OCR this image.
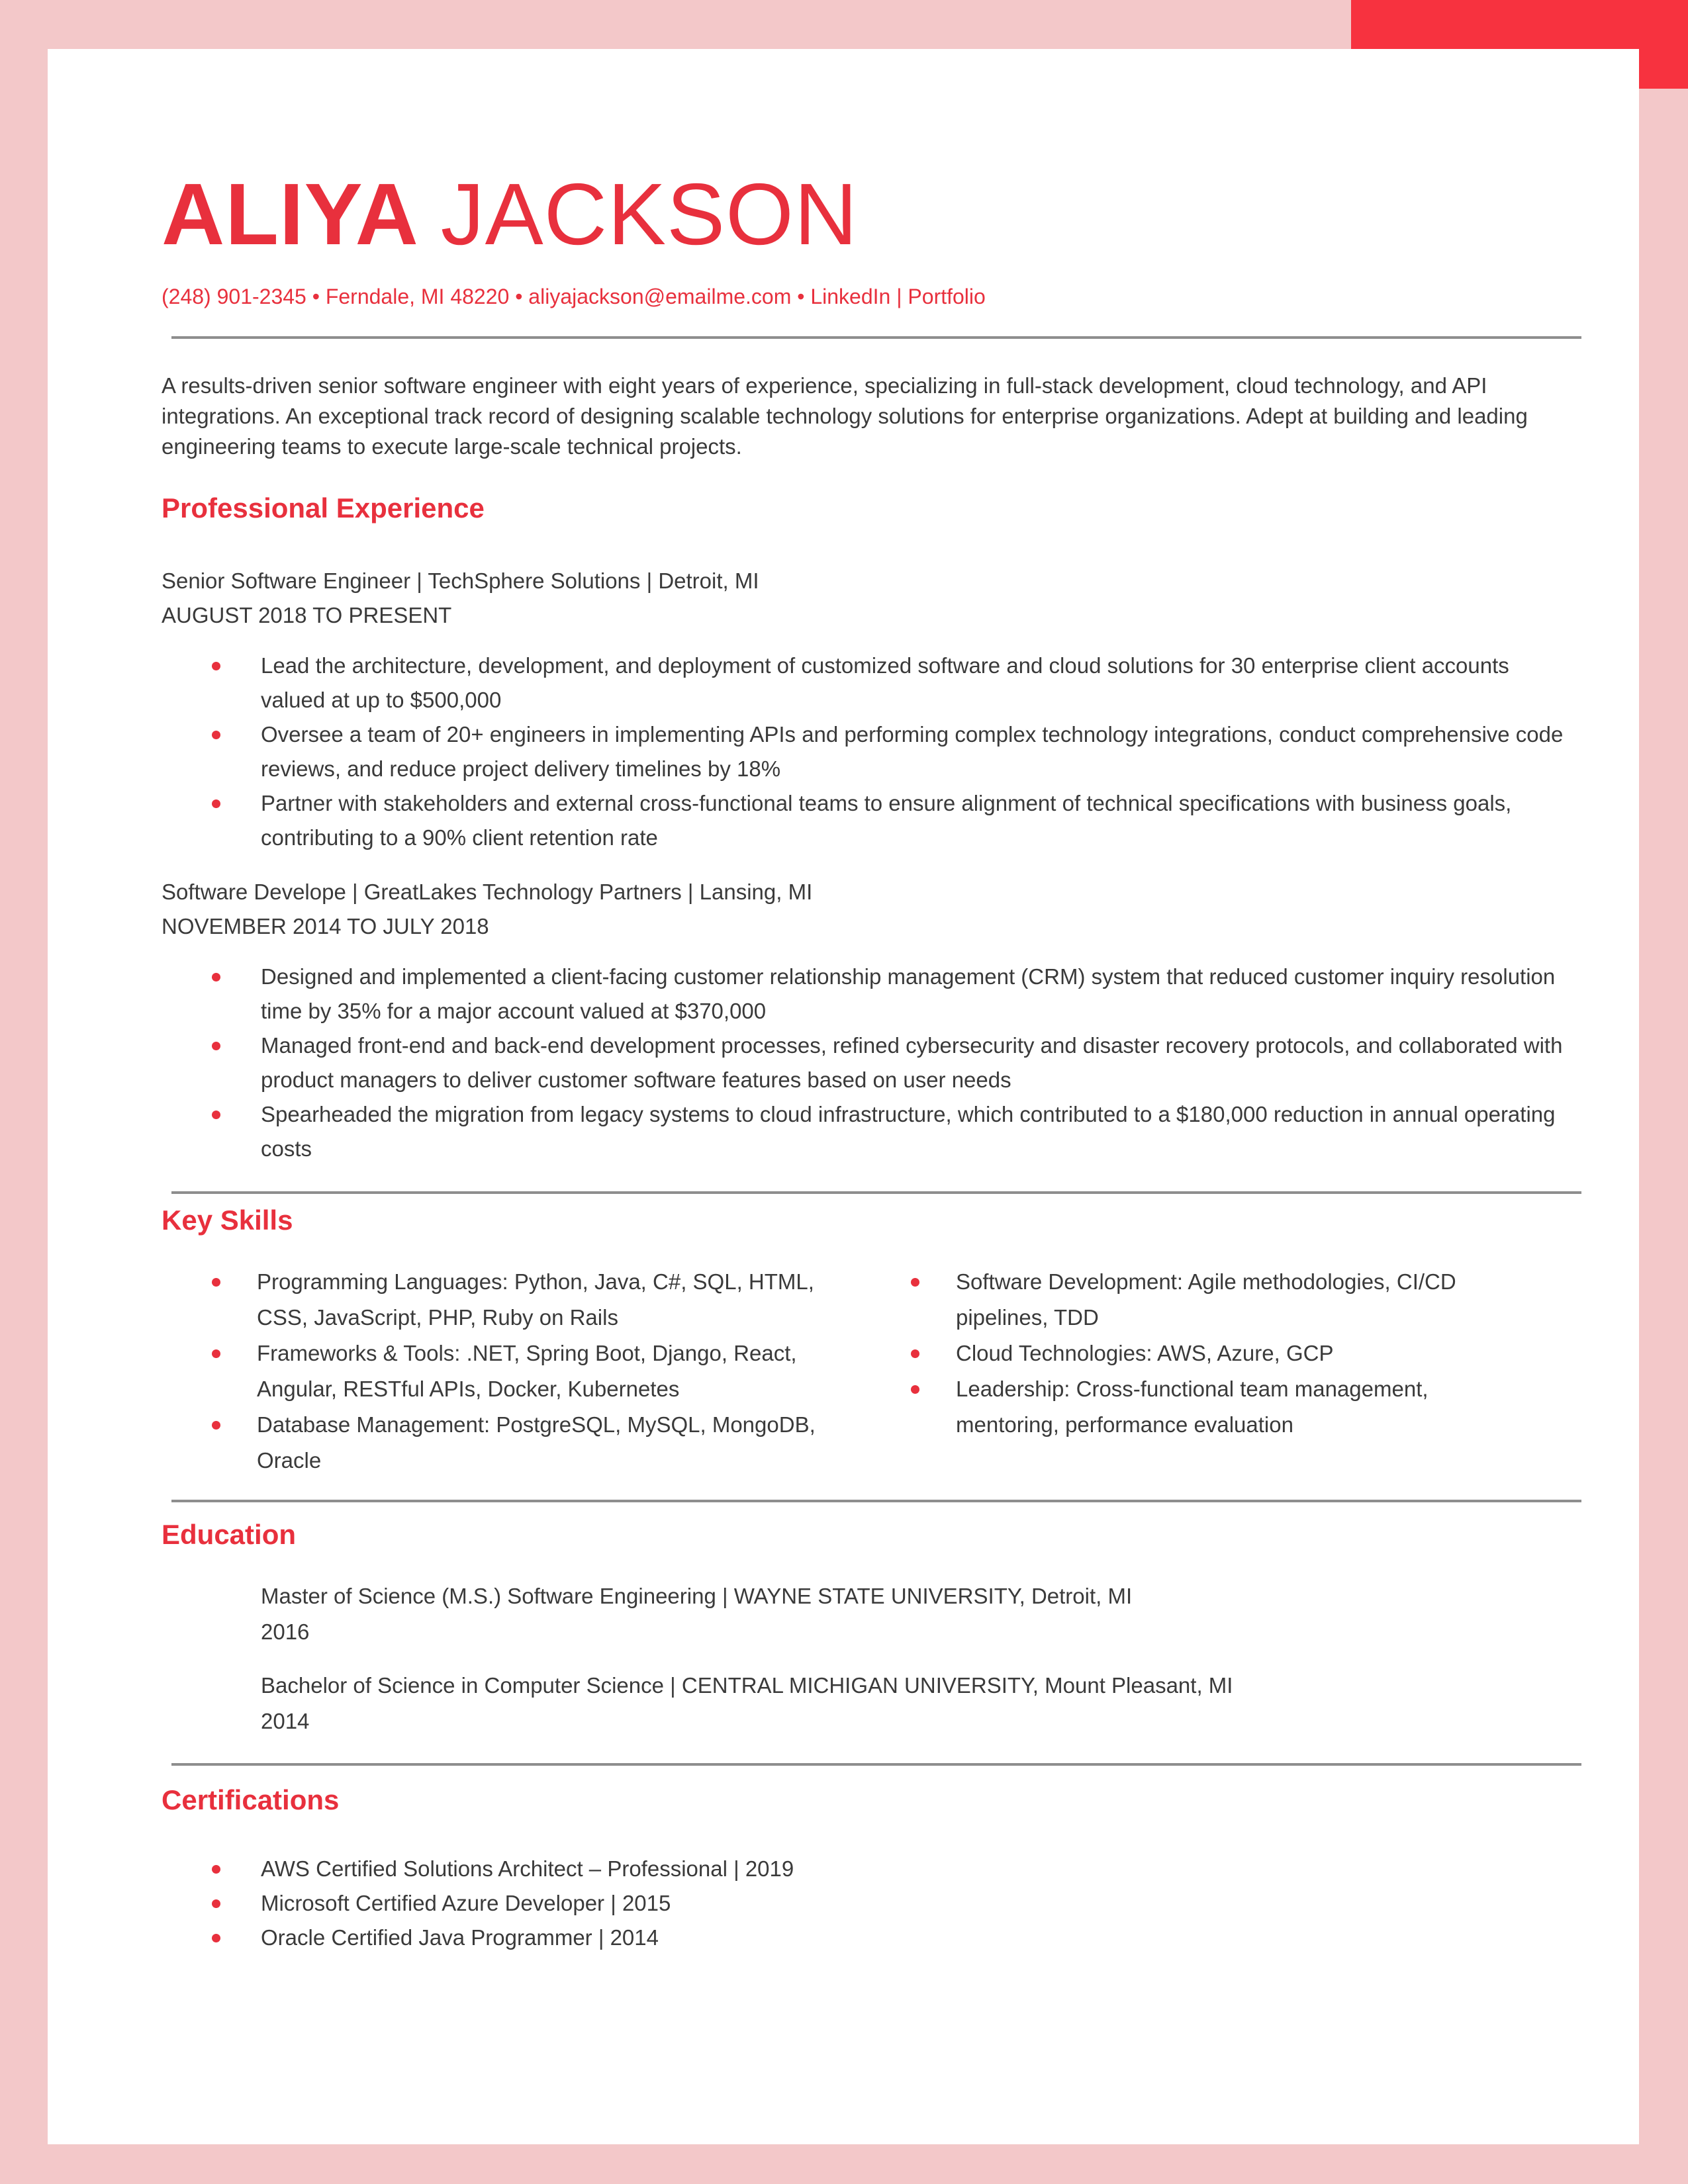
ALIYA JACKSON
(248) 901-2345 • Ferndale, MI 48220 • aliyajackson@emailme.com • LinkedIn | Portfolio

A results-driven senior software engineer with eight years of experience, specializing in full-stack development, cloud technology, and API integrations. An exceptional track record of designing scalable technology solutions for enterprise organizations. Adept at building and leading engineering teams to execute large-scale technical projects.

Professional Experience
Senior Software Engineer | TechSphere Solutions | Detroit, MI
AUGUST 2018 TO PRESENT
Lead the architecture, development, and deployment of customized software and cloud solutions for 30 enterprise client accounts valued at up to $500,000
Oversee a team of 20+ engineers in implementing APIs and performing complex technology integrations, conduct comprehensive code reviews, and reduce project delivery timelines by 18%
Partner with stakeholders and external cross-functional teams to ensure alignment of technical specifications with business goals, contributing to a 90% client retention rate
Software Develope | GreatLakes Technology Partners | Lansing, MI
NOVEMBER 2014 TO JULY 2018
Designed and implemented a client-facing customer relationship management (CRM) system that reduced customer inquiry resolution time by 35% for a major account valued at $370,000
Managed front-end and back-end development processes, refined cybersecurity and disaster recovery protocols, and collaborated with product managers to deliver customer software features based on user needs
Spearheaded the migration from legacy systems to cloud infrastructure, which contributed to a $180,000 reduction in annual operating costs
Key Skills
Programming Languages: Python, Java, C#, SQL, HTML, CSS, JavaScript, PHP, Ruby on Rails
Frameworks & Tools: .NET, Spring Boot, Django, React, Angular, RESTful APIs, Docker, Kubernetes
Database Management: PostgreSQL, MySQL, MongoDB, Oracle
Software Development: Agile methodologies, CI/CD pipelines, TDD
Cloud Technologies: AWS, Azure, GCP
Leadership: Cross-functional team management, mentoring, performance evaluation
Education
Master of Science (M.S.) Software Engineering | WAYNE STATE UNIVERSITY, Detroit, MI
2016
Bachelor of Science in Computer Science | CENTRAL MICHIGAN UNIVERSITY, Mount Pleasant, MI
2014
Certifications
AWS Certified Solutions Architect – Professional | 2019
Microsoft Certified Azure Developer | 2015
Oracle Certified Java Programmer | 2014
